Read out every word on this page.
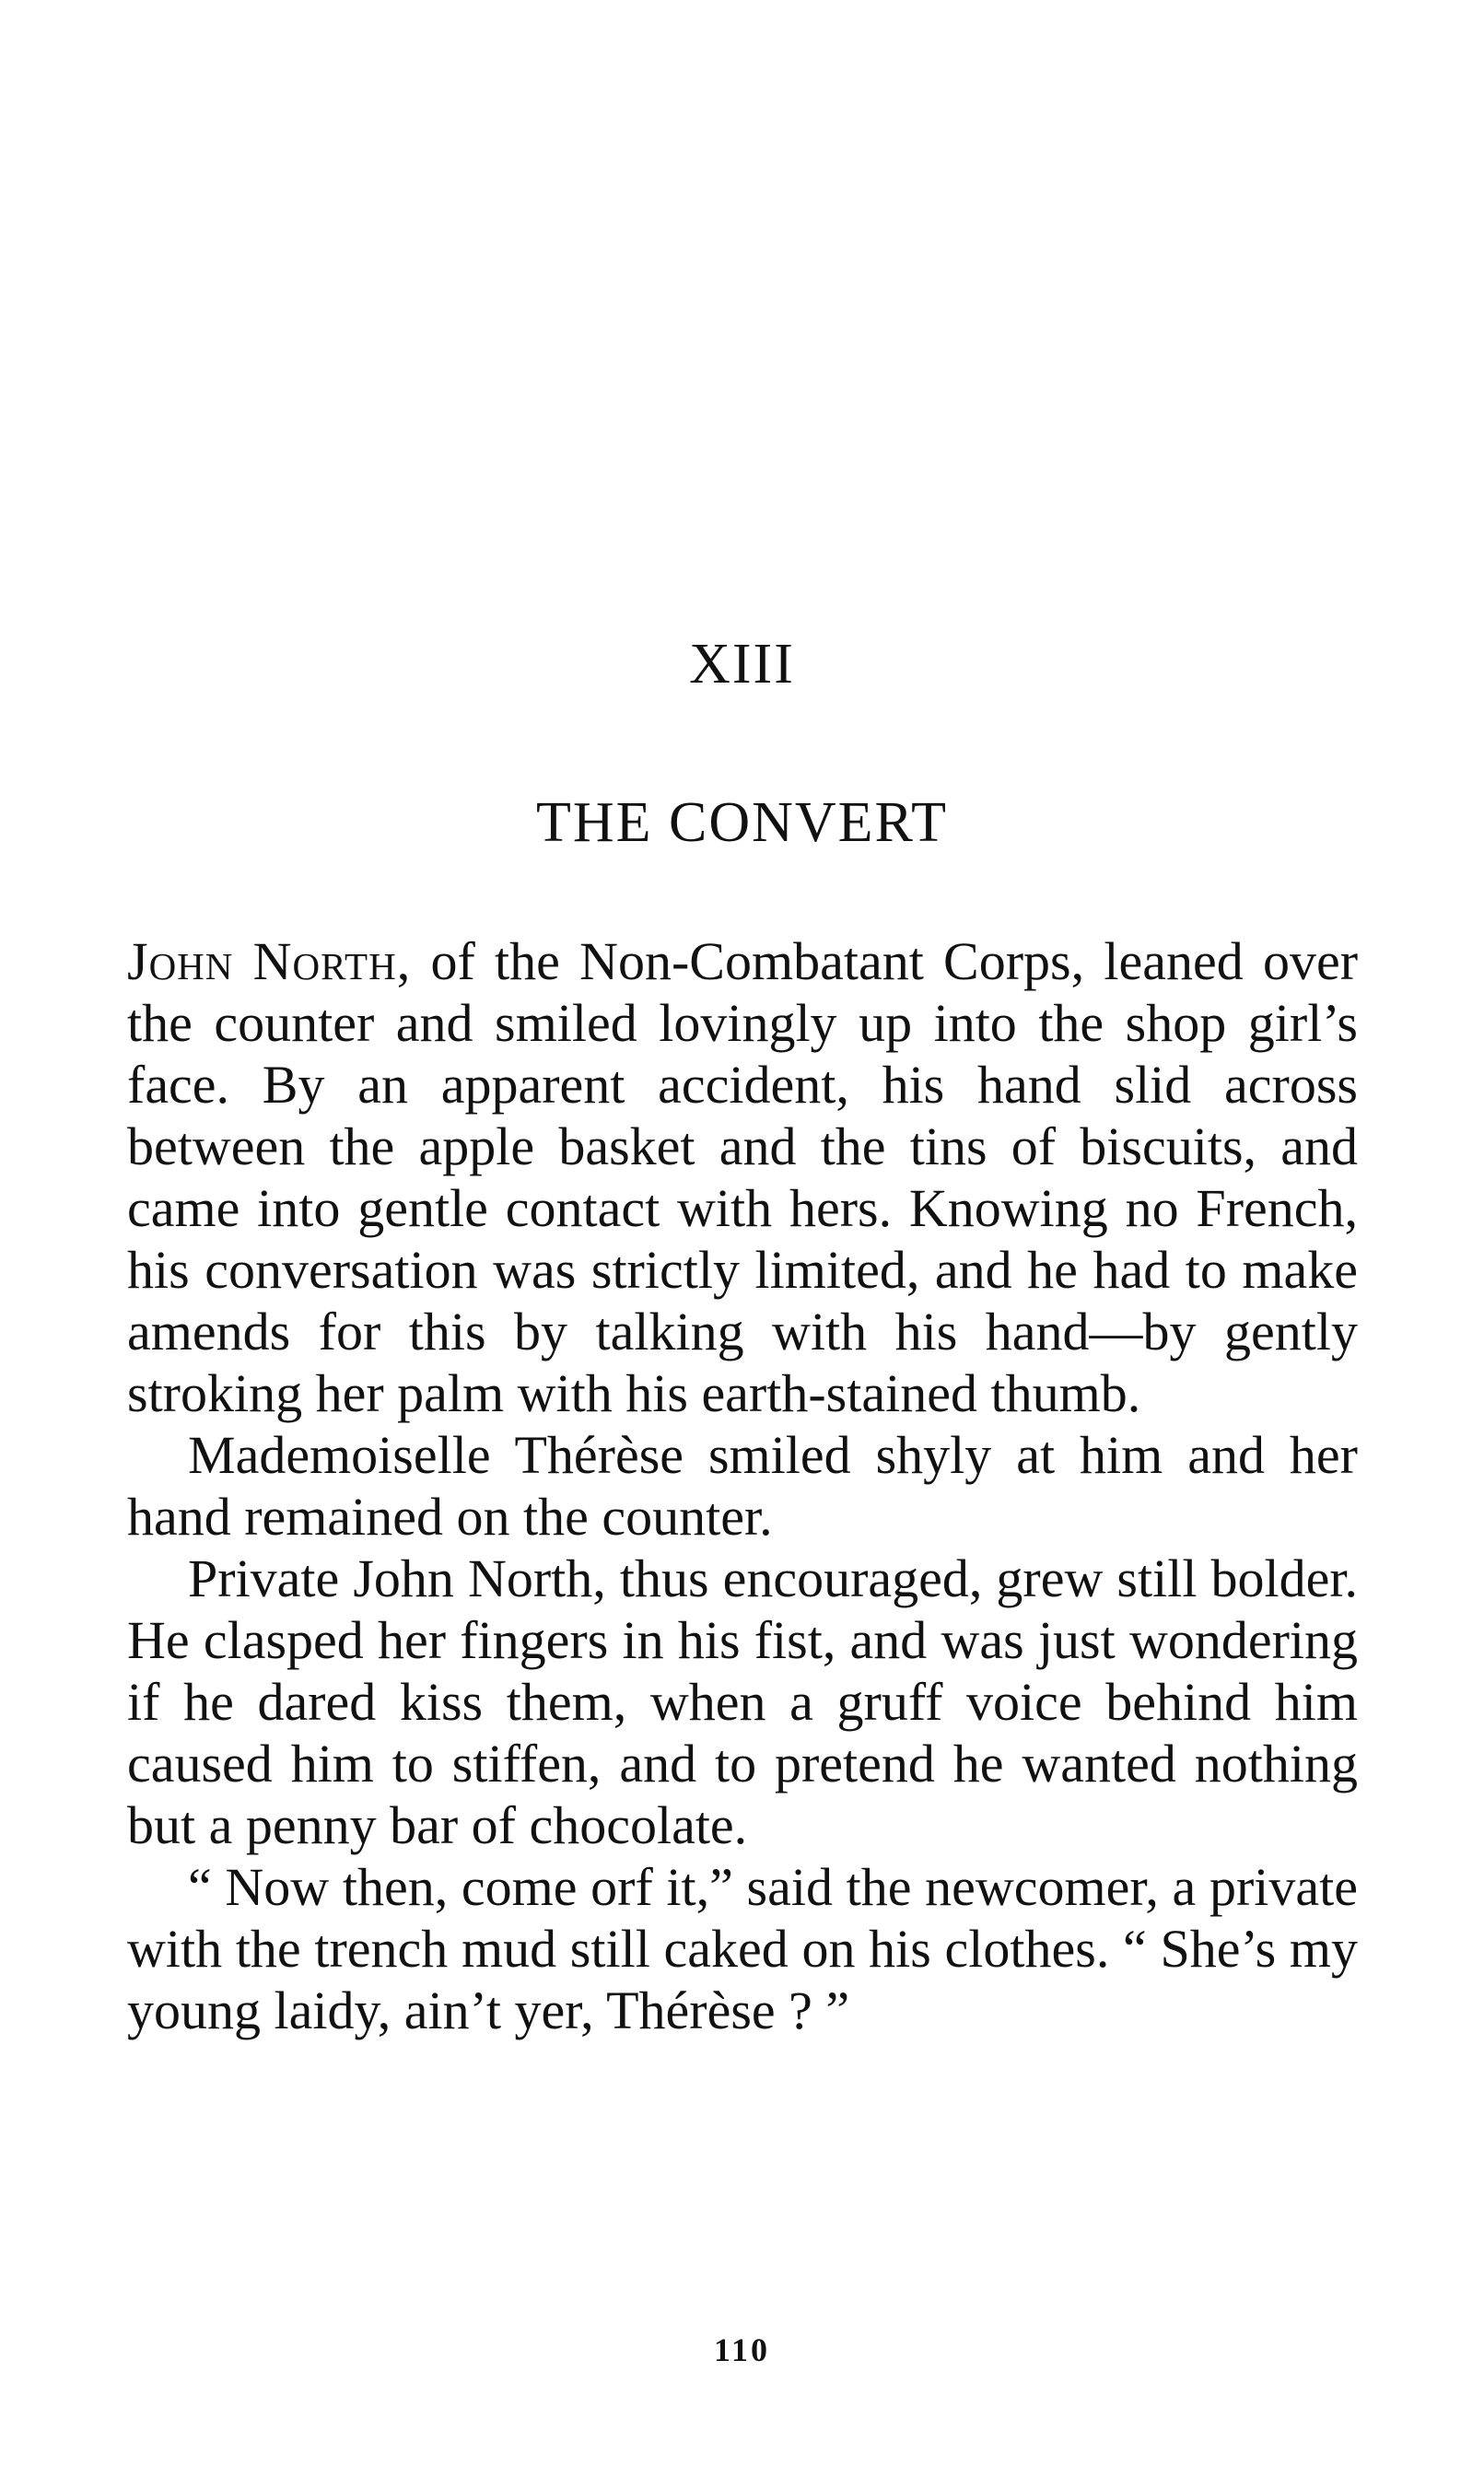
XIII
THE CONVERT

John North, of the Non-Combatant Corps, leaned over the counter and smiled lovingly up into the shop girl’s face. By an apparent accident, his hand slid across between the apple basket and the tins of biscuits, and came into gentle contact with hers. Knowing no French, his conversation was strictly limited, and he had to make amends for this by talking with his hand—by gently stroking her palm with his earth-stained thumb.

Mademoiselle Thérèse smiled shyly at him and her hand remained on the counter.

Private John North, thus encouraged, grew still bolder. He clasped her fingers in his fist, and was just wondering if he dared kiss them, when a gruff voice behind him caused him to stiffen, and to pretend he wanted nothing but a penny bar of chocolate.

“ Now then, come orf it,” said the newcomer, a private with the trench mud still caked on his clothes. “ She’s my young laidy, ain’t yer, Thérèse ? ”

110
